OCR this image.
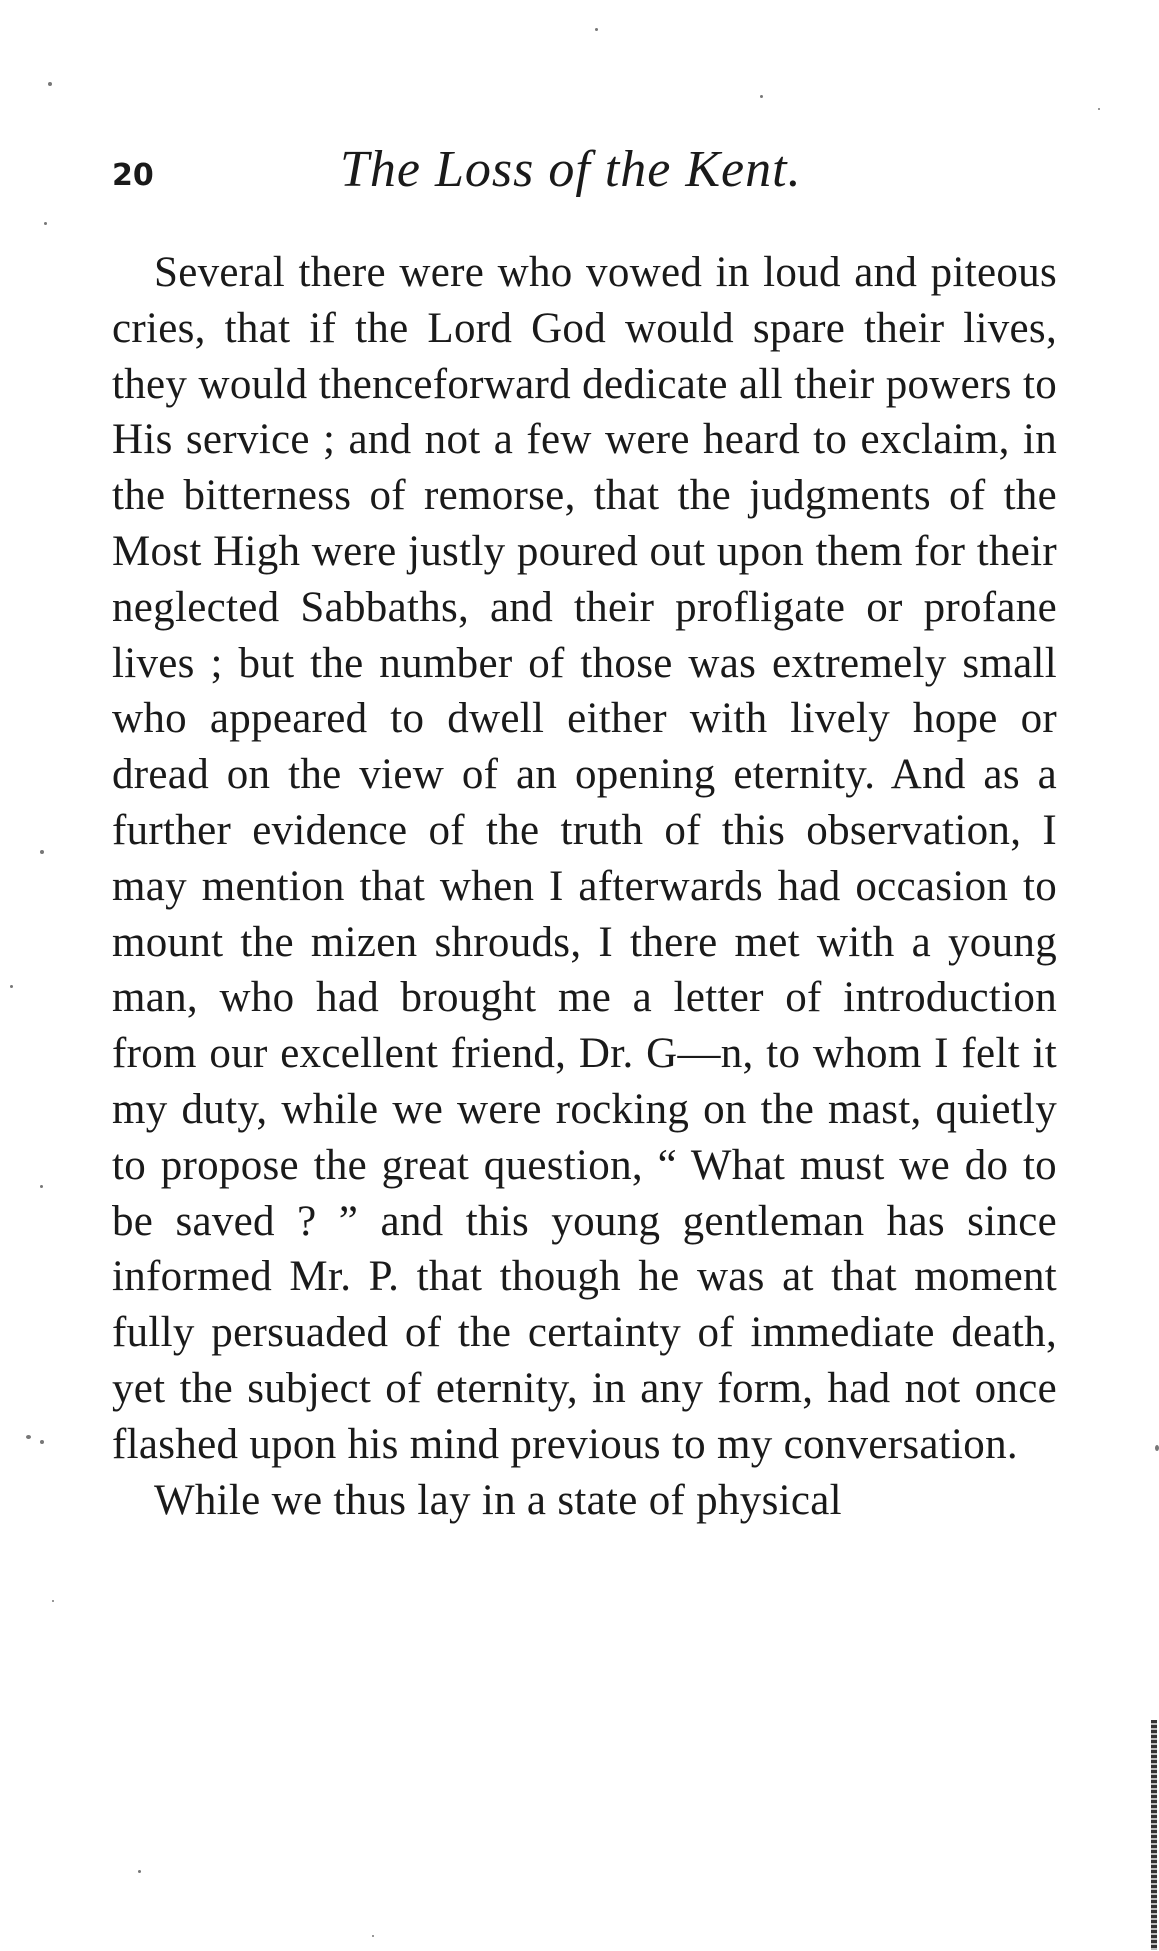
20	The Loss of the Kent.

Several there were who vowed in loud and piteous cries, that if the Lord God would spare their lives, they would thenceforward dedicate all their powers to His service ; and not a few were heard to exclaim, in the bitterness of remorse, that the judgments of the Most High were justly poured out upon them for their neglected Sabbaths, and their profligate or profane lives ; but the number of those was extremely small who appeared to dwell either with lively hope or dread on the view of an opening eternity. And as a further evidence of the truth of this observation, I may mention that when I afterwards had occasion to mount the mizen shrouds, I there met with a young man, who had brought me a letter of introduction from our excellent friend, Dr. G—n, to whom I felt it my duty, while we were rocking on the mast, quietly to propose the great question, “ What must we do to be saved ? ” and this young gentleman has since informed Mr. P. that though he was at that moment fully persuaded of the certainty of immediate death, yet the subject of eternity, in any form, had not once flashed upon his mind previous to my conversation.

While we thus lay in a state of physical
